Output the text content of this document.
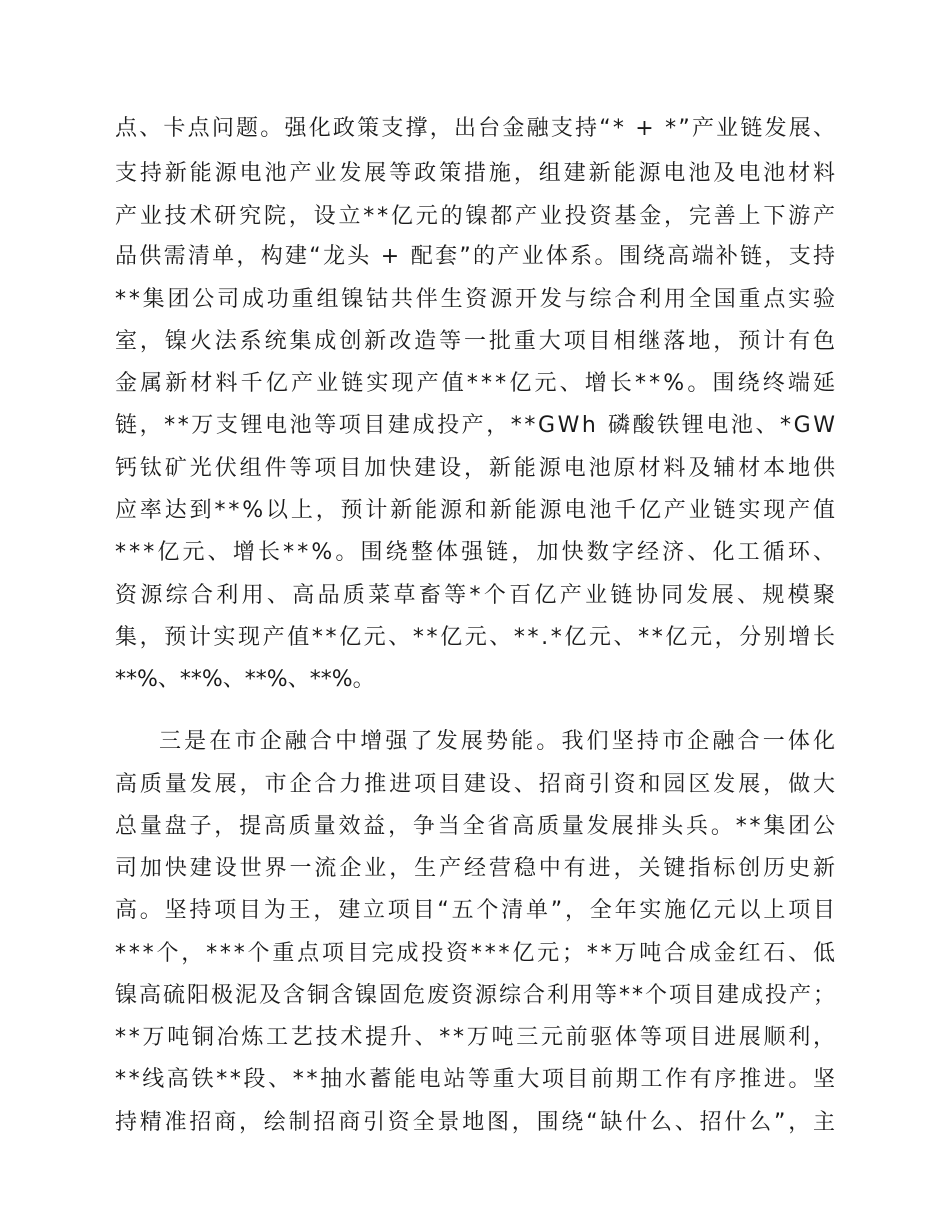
点、卡点问题。强化政策支撑，出台金融支持“* + *”产业链发展、

支持新能源电池产业发展等政策措施，组建新能源电池及电池材料

产业技术研究院，设立**亿元的镍都产业投资基金，完善上下游产

品供需清单，构建“龙头 + 配套”的产业体系。围绕高端补链，支持

**集团公司成功重组镍钴共伴生资源开发与综合利用全国重点实验

室，镍火法系统集成创新改造等一批重大项目相继落地，预计有色

金属新材料千亿产业链实现产值***亿元、增长**%。围绕终端延

链，**万支锂电池等项目建成投产，**GWh 磷酸铁锂电池、*GW

钙钛矿光伏组件等项目加快建设，新能源电池原材料及辅材本地供

应率达到**%以上，预计新能源和新能源电池千亿产业链实现产值

***亿元、增长**%。围绕整体强链，加快数字经济、化工循环、

资源综合利用、高品质菜草畜等*个百亿产业链协同发展、规模聚

集，预计实现产值**亿元、**亿元、**.*亿元、**亿元，分别增长

**%、**%、**%、**%。

三是在市企融合中增强了发展势能。我们坚持市企融合一体化

高质量发展，市企合力推进项目建设、招商引资和园区发展，做大

总量盘子，提高质量效益，争当全省高质量发展排头兵。**集团公

司加快建设世界一流企业，生产经营稳中有进，关键指标创历史新

高。坚持项目为王，建立项目“五个清单”，全年实施亿元以上项目

***个，***个重点项目完成投资***亿元；**万吨合成金红石、低

镍高硫阳极泥及含铜含镍固危废资源综合利用等**个项目建成投产；

**万吨铜冶炼工艺技术提升、**万吨三元前驱体等项目进展顺利，

**线高铁**段、**抽水蓄能电站等重大项目前期工作有序推进。坚

持精准招商，绘制招商引资全景地图，围绕“缺什么、招什么”，主
